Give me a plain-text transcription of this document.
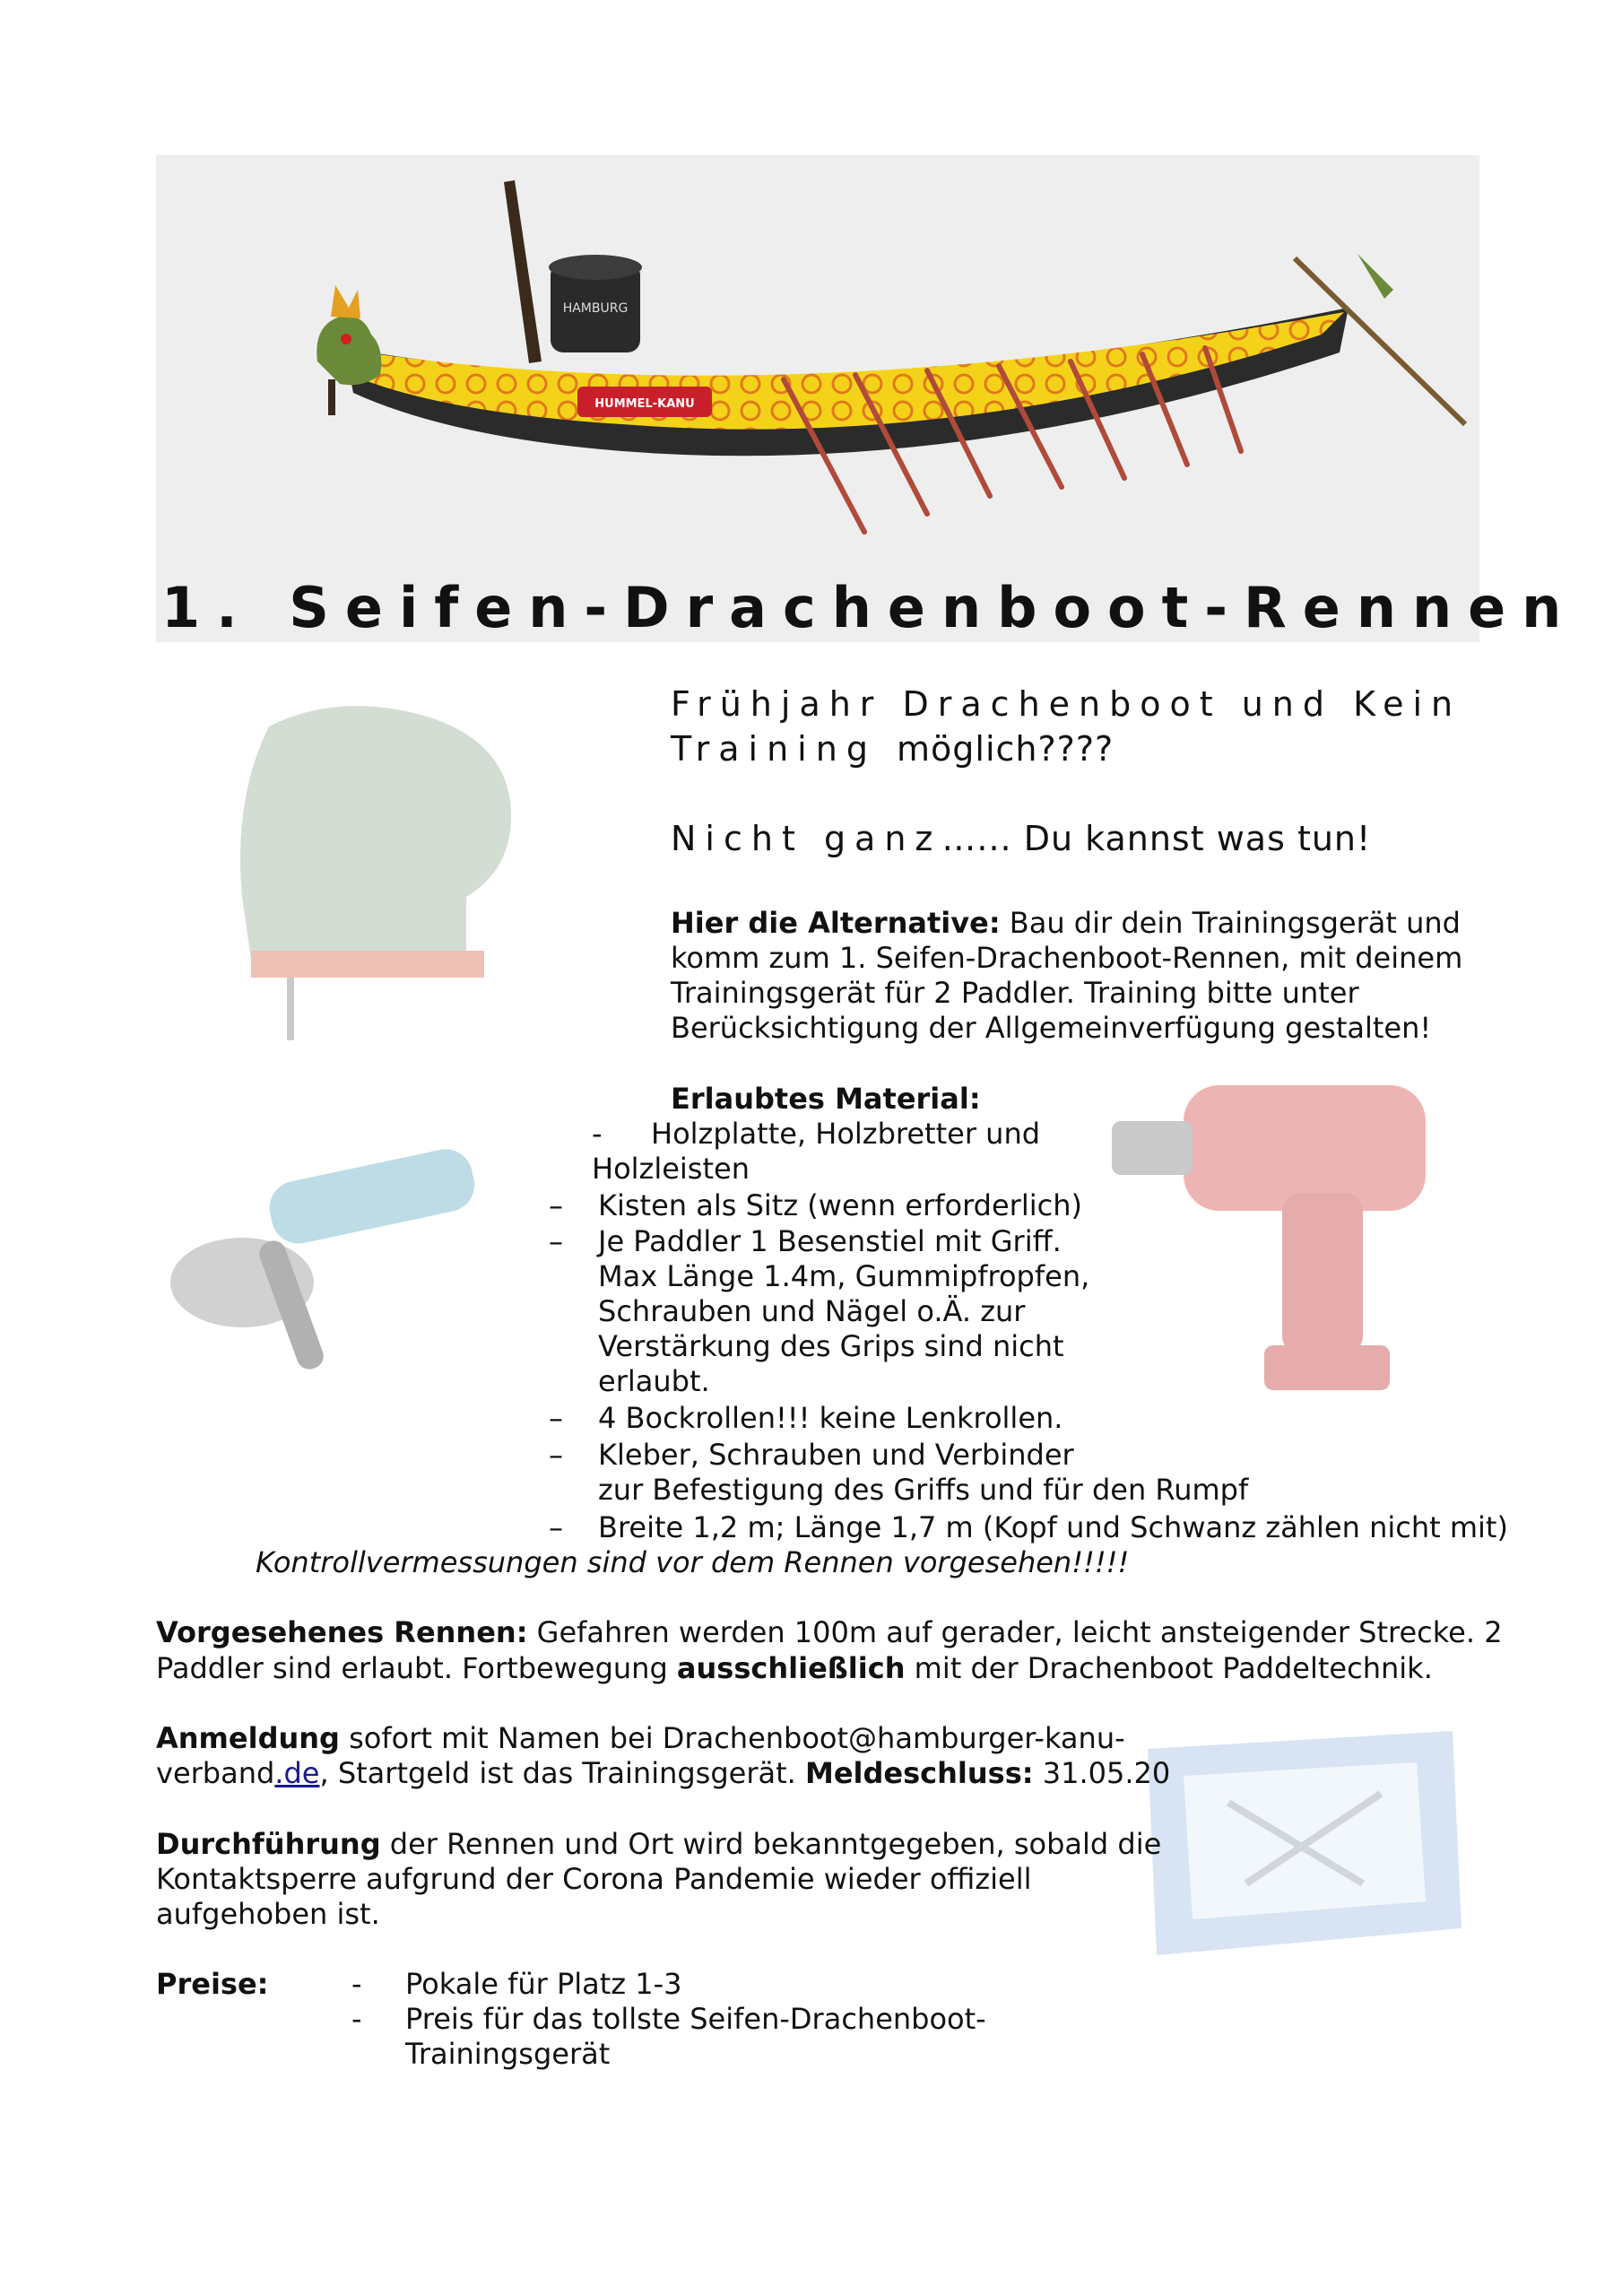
HAMBURG
HUMMEL-KANU
1. Seifen-Drachenboot-Rennen
Frühjahr Drachenboot und Kein
Training möglich????
Nicht ganz…... Du kannst was tun!
Hier die Alternative: Bau dir dein Trainingsgerät und
komm zum 1. Seifen-Drachenboot-Rennen, mit deinem
Trainingsgerät für 2 Paddler. Training bitte unter
Berücksichtigung der Allgemeinverfügung gestalten!
Erlaubtes Material:
- Holzplatte, Holzbretter und
Holzleisten
– Kisten als Sitz (wenn erforderlich)
– Je Paddler 1 Besenstiel mit Griff.
Max Länge 1.4m, Gummipfropfen,
Schrauben und Nägel o.Ä. zur
Verstärkung des Grips sind nicht
erlaubt.
– 4 Bockrollen!!! keine Lenkrollen.
– Kleber, Schrauben und Verbinder
zur Befestigung des Griffs und für den Rumpf
– Breite 1,2 m; Länge 1,7 m (Kopf und Schwanz zählen nicht mit)
Kontrollvermessungen sind vor dem Rennen vorgesehen!!!!!
Vorgesehenes Rennen: Gefahren werden 100m auf gerader, leicht ansteigender Strecke. 2
Paddler sind erlaubt. Fortbewegung ausschließlich mit der Drachenboot Paddeltechnik.
Anmeldung sofort mit Namen bei Drachenboot@hamburger-kanu-
verband.de, Startgeld ist das Trainingsgerät. Meldeschluss: 31.05.20
Durchführung der Rennen und Ort wird bekanntgegeben, sobald die
Kontaktsperre aufgrund der Corona Pandemie wieder offiziell
aufgehoben ist.
Preise:	- Pokale für Platz 1-3
- Preis für das tollste Seifen-Drachenboot-
Trainingsgerät
